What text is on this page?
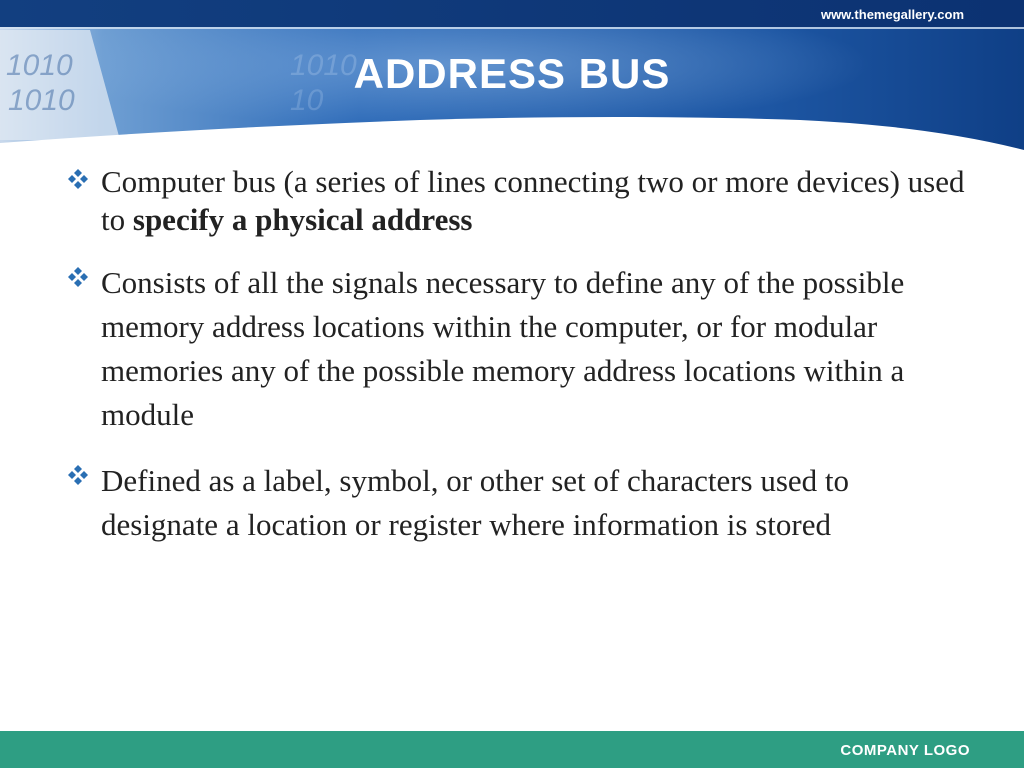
1010
1010
1010
10
www.themegallery.com
ADDRESS BUS
Computer bus (a series of lines connecting two or more devices) used to specify a physical address
Consists of all the signals necessary to define any of the possible memory address locations within the computer, or for modular memories any of the possible memory address locations within a module
Defined as a label, symbol, or other set of characters used to designate a location or register where information is stored
COMPANY LOGO
